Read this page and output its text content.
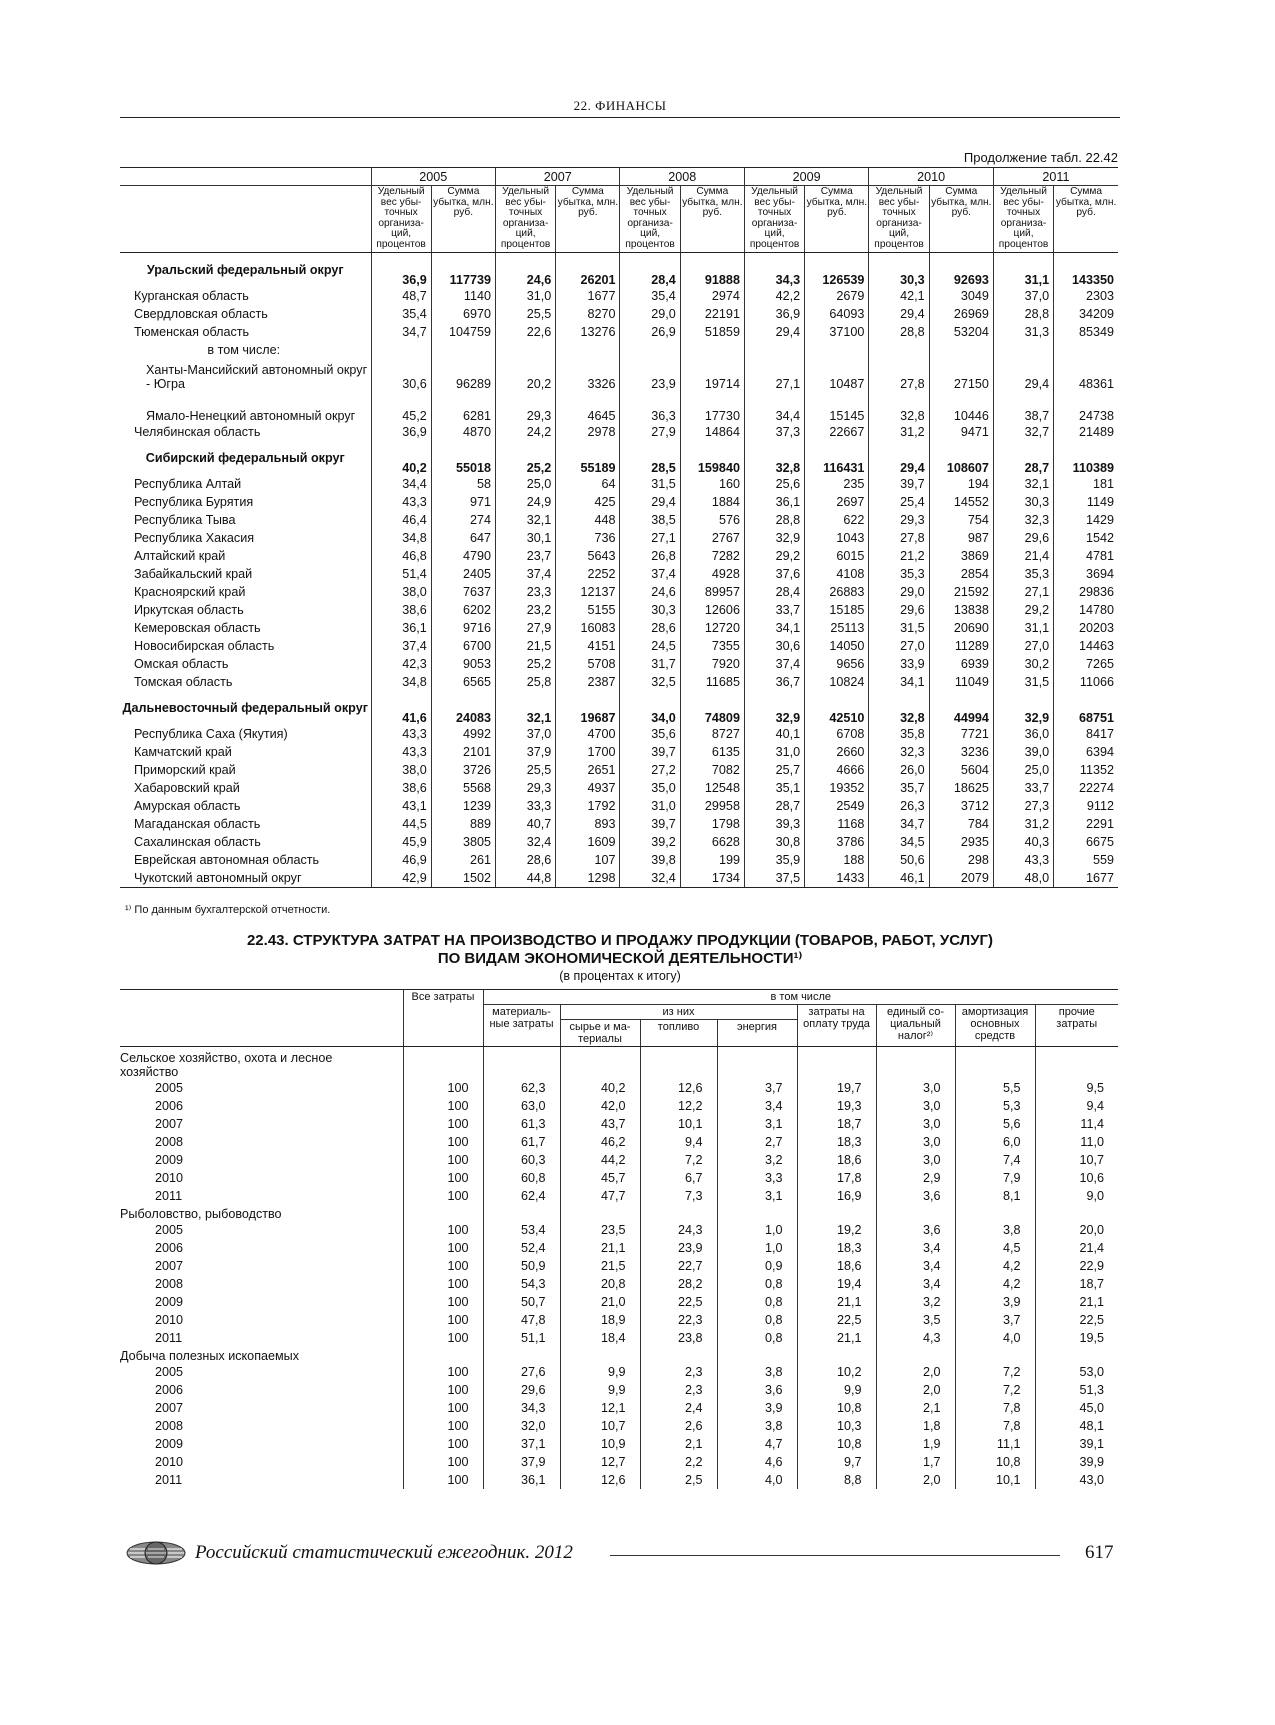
22. ФИНАНСЫ
Продолжение табл. 22.42
	2005		2007		2008		2009		2010		2011	
	Удельный вес убы- точных организа- ций, процентов	Сумма убытка, млн. руб.	Удельный вес убы- точных организа- ций, процентов	Сумма убытка, млн. руб.	Удельный вес убы- точных организа- ций, процентов	Сумма убытка, млн. руб.	Удельный вес убы- точных организа- ций, процентов	Сумма убытка, млн. руб.	Удельный вес убы- точных организа- ций, процентов	Сумма убытка, млн. руб.	Удельный вес убы- точных организа- ций, процентов	Сумма убытка, млн. руб.
Уральский федеральный округ	36,9	117739	24,6	26201	28,4	91888	34,3	126539	30,3	92693	31,1	143350
Курганская область	48,7	1140	31,0	1677	35,4	2974	42,2	2679	42,1	3049	37,0	2303
Свердловская область	35,4	6970	25,5	8270	29,0	22191	36,9	64093	29,4	26969	28,8	34209
Тюменская область	34,7	104759	22,6	13276	26,9	51859	29,4	37100	28,8	53204	31,3	85349
в том числе:												
Ханты-Мансийский автономный округ - Югра	30,6	96289	20,2	3326	23,9	19714	27,1	10487	27,8	27150	29,4	48361
Ямало-Ненецкий автономный округ	45,2	6281	29,3	4645	36,3	17730	34,4	15145	32,8	10446	38,7	24738
Челябинская область	36,9	4870	24,2	2978	27,9	14864	37,3	22667	31,2	9471	32,7	21489
Сибирский федеральный округ	40,2	55018	25,2	55189	28,5	159840	32,8	116431	29,4	108607	28,7	110389
Республика Алтай	34,4	58	25,0	64	31,5	160	25,6	235	39,7	194	32,1	181
Республика Бурятия	43,3	971	24,9	425	29,4	1884	36,1	2697	25,4	14552	30,3	1149
Республика Тыва	46,4	274	32,1	448	38,5	576	28,8	622	29,3	754	32,3	1429
Республика Хакасия	34,8	647	30,1	736	27,1	2767	32,9	1043	27,8	987	29,6	1542
Алтайский край	46,8	4790	23,7	5643	26,8	7282	29,2	6015	21,2	3869	21,4	4781
Забайкальский край	51,4	2405	37,4	2252	37,4	4928	37,6	4108	35,3	2854	35,3	3694
Красноярский край	38,0	7637	23,3	12137	24,6	89957	28,4	26883	29,0	21592	27,1	29836
Иркутская область	38,6	6202	23,2	5155	30,3	12606	33,7	15185	29,6	13838	29,2	14780
Кемеровская область	36,1	9716	27,9	16083	28,6	12720	34,1	25113	31,5	20690	31,1	20203
Новосибирская область	37,4	6700	21,5	4151	24,5	7355	30,6	14050	27,0	11289	27,0	14463
Омская область	42,3	9053	25,2	5708	31,7	7920	37,4	9656	33,9	6939	30,2	7265
Томская область	34,8	6565	25,8	2387	32,5	11685	36,7	10824	34,1	11049	31,5	11066
Дальневосточный федеральный округ	41,6	24083	32,1	19687	34,0	74809	32,9	42510	32,8	44994	32,9	68751
Республика Саха (Якутия)	43,3	4992	37,0	4700	35,6	8727	40,1	6708	35,8	7721	36,0	8417
Камчатский край	43,3	2101	37,9	1700	39,7	6135	31,0	2660	32,3	3236	39,0	6394
Приморский край	38,0	3726	25,5	2651	27,2	7082	25,7	4666	26,0	5604	25,0	11352
Хабаровский край	38,6	5568	29,3	4937	35,0	12548	35,1	19352	35,7	18625	33,7	22274
Амурская область	43,1	1239	33,3	1792	31,0	29958	28,7	2549	26,3	3712	27,3	9112
Магаданская область	44,5	889	40,7	893	39,7	1798	39,3	1168	34,7	784	31,2	2291
Сахалинская область	45,9	3805	32,4	1609	39,2	6628	30,8	3786	34,5	2935	40,3	6675
Еврейская автономная область	46,9	261	28,6	107	39,8	199	35,9	188	50,6	298	43,3	559
Чукотский автономный округ	42,9	1502	44,8	1298	32,4	1734	37,5	1433	46,1	2079	48,0	1677
¹⁾ По данным бухгалтерской отчетности.
22.43. СТРУКТУРА ЗАТРАТ НА ПРОИЗВОДСТВО И ПРОДАЖУ ПРОДУКЦИИ (ТОВАРОВ, РАБОТ, УСЛУГ)
ПО ВИДАМ ЭКОНОМИЧЕСКОЙ ДЕЯТЕЛЬНОСТИ¹⁾
(в процентах к итогу)
	Все затраты	в том числе							
		материаль- ные затраты	из них			затраты на оплату труда	единый со- циальный налог²⁾	амортизация основных средств	прочие затраты
			сырье и ма- териалы	топливо	энергия				
Сельское хозяйство, охота и лесное хозяйство									
2005	100	62,3	40,2	12,6	3,7	19,7	3,0	5,5	9,5
2006	100	63,0	42,0	12,2	3,4	19,3	3,0	5,3	9,4
2007	100	61,3	43,7	10,1	3,1	18,7	3,0	5,6	11,4
2008	100	61,7	46,2	9,4	2,7	18,3	3,0	6,0	11,0
2009	100	60,3	44,2	7,2	3,2	18,6	3,0	7,4	10,7
2010	100	60,8	45,7	6,7	3,3	17,8	2,9	7,9	10,6
2011	100	62,4	47,7	7,3	3,1	16,9	3,6	8,1	9,0
Рыболовство, рыбоводство									
2005	100	53,4	23,5	24,3	1,0	19,2	3,6	3,8	20,0
2006	100	52,4	21,1	23,9	1,0	18,3	3,4	4,5	21,4
2007	100	50,9	21,5	22,7	0,9	18,6	3,4	4,2	22,9
2008	100	54,3	20,8	28,2	0,8	19,4	3,4	4,2	18,7
2009	100	50,7	21,0	22,5	0,8	21,1	3,2	3,9	21,1
2010	100	47,8	18,9	22,3	0,8	22,5	3,5	3,7	22,5
2011	100	51,1	18,4	23,8	0,8	21,1	4,3	4,0	19,5
Добыча полезных ископаемых									
2005	100	27,6	9,9	2,3	3,8	10,2	2,0	7,2	53,0
2006	100	29,6	9,9	2,3	3,6	9,9	2,0	7,2	51,3
2007	100	34,3	12,1	2,4	3,9	10,8	2,1	7,8	45,0
2008	100	32,0	10,7	2,6	3,8	10,3	1,8	7,8	48,1
2009	100	37,1	10,9	2,1	4,7	10,8	1,9	11,1	39,1
2010	100	37,9	12,7	2,2	4,6	9,7	1,7	10,8	39,9
2011	100	36,1	12,6	2,5	4,0	8,8	2,0	10,1	43,0
Российский статистический ежегодник. 2012	617
